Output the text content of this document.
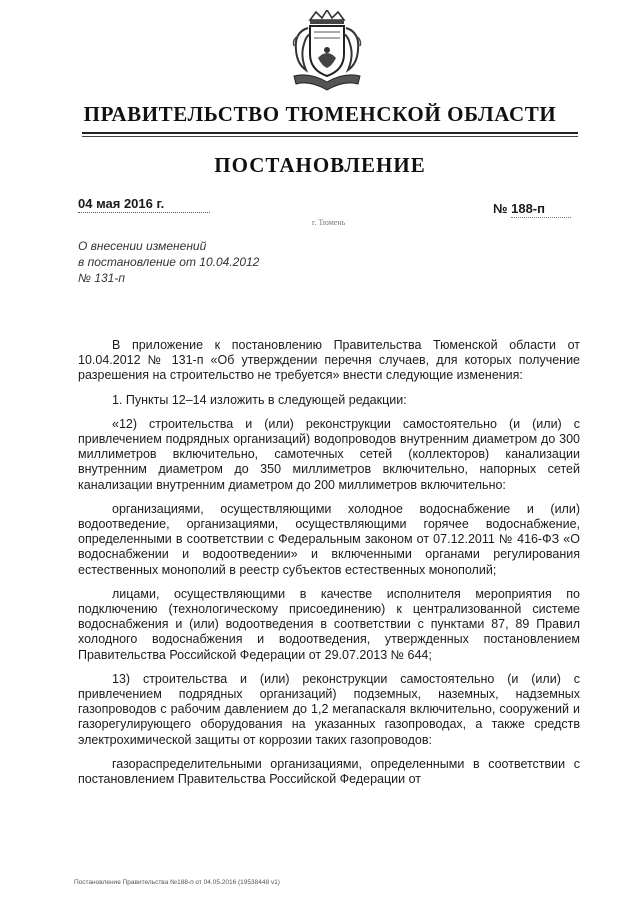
ПРАВИТЕЛЬСТВО ТЮМЕНСКОЙ ОБЛАСТИ
ПОСТАНОВЛЕНИЕ
04 мая 2016 г.	№ 188-п
г. Тюмень
О внесении изменений
в постановление от 10.04.2012
№ 131-п

В приложение к постановлению Правительства Тюменской области от 10.04.2012 № 131-п «Об утверждении перечня случаев, для которых получение разрешения на строительство не требуется» внести следующие изменения:

1. Пункты 12–14 изложить в следующей редакции:

«12) строительства и (или) реконструкции самостоятельно (и (или) с привлечением подрядных организаций) водопроводов внутренним диаметром до 300 миллиметров включительно, самотечных сетей (коллекторов) канализации внутренним диаметром до 350 миллиметров включительно, напорных сетей канализации внутренним диаметром до 200 миллиметров включительно:

организациями, осуществляющими холодное водоснабжение и (или) водоотведение, организациями, осуществляющими горячее водоснабжение, определенными в соответствии с Федеральным законом от 07.12.2011 № 416-ФЗ «О водоснабжении и водоотведении» и включенными органами регулирования естественных монополий в реестр субъектов естественных монополий;

лицами, осуществляющими в качестве исполнителя мероприятия по подключению (технологическому присоединению) к централизованной системе водоснабжения и (или) водоотведения в соответствии с пунктами 87, 89 Правил холодного водоснабжения и водоотведения, утвержденных постановлением Правительства Российской Федерации от 29.07.2013 № 644;

13) строительства и (или) реконструкции самостоятельно (и (или) с привлечением подрядных организаций) подземных, наземных, надземных газопроводов с рабочим давлением до 1,2 мегапаскаля включительно, сооружений и газорегулирующего оборудования на указанных газопроводах, а также средств электрохимической защиты от коррозии таких газопроводов:

газораспределительными организациями, определенными в соответствии с постановлением Правительства Российской Федерации от

Постановление Правительства №188-п от 04.05.2016 (19538448 v1)
